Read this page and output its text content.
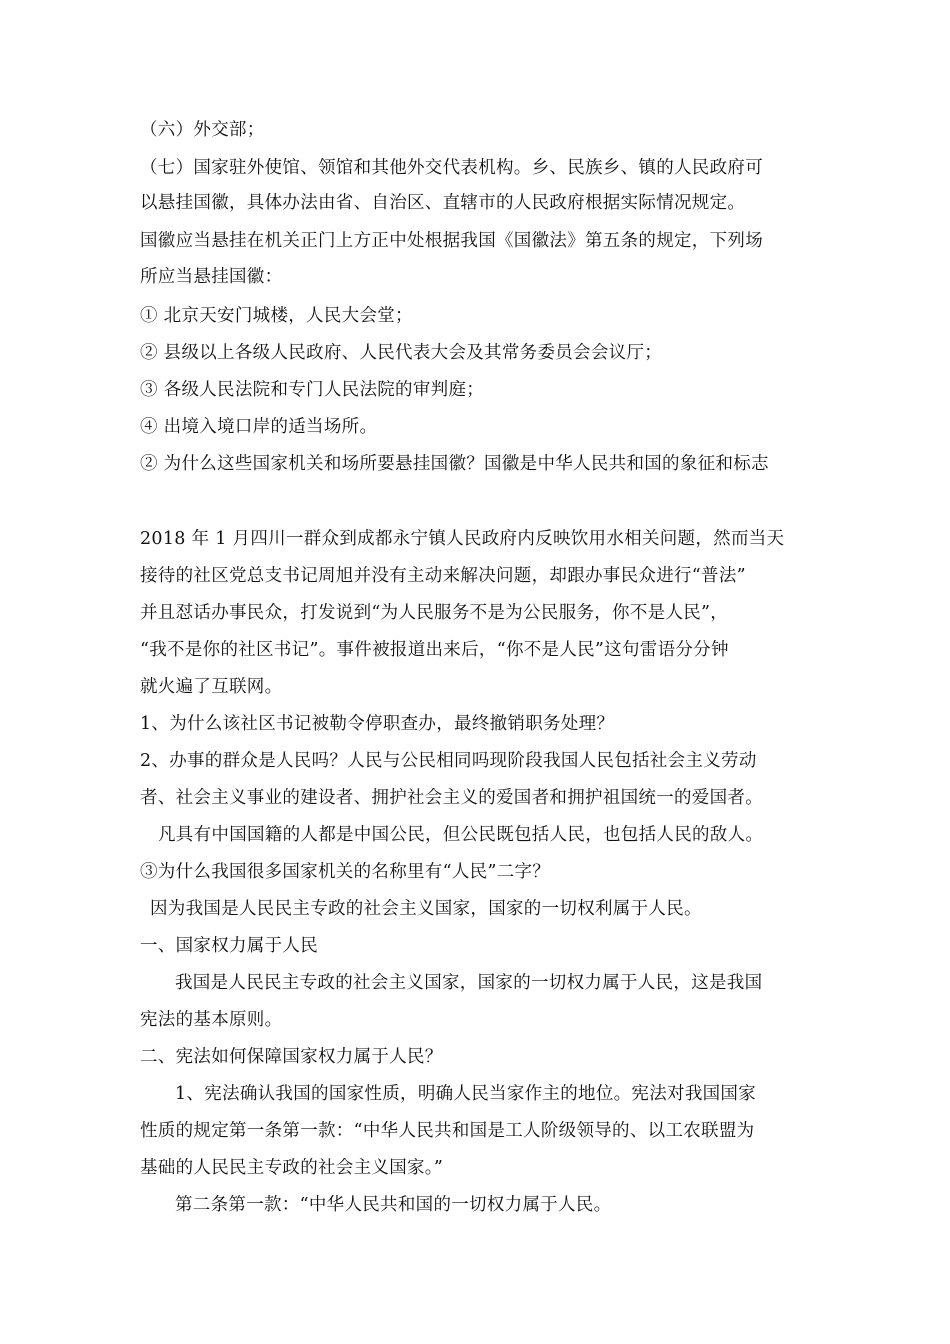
（六）外交部；
（七）国家驻外使馆、领馆和其他外交代表机构。乡、民族乡、镇的人民政府可
以悬挂国徽，具体办法由省、自治区、直辖市的人民政府根据实际情况规定。
国徽应当悬挂在机关正门上方正中处根据我国《国徽法》第五条的规定，下列场
所应当悬挂国徽：
① 北京天安门城楼，人民大会堂；
② 县级以上各级人民政府、人民代表大会及其常务委员会会议厅；
③ 各级人民法院和专门人民法院的审判庭；
④ 出境入境口岸的适当场所。
② 为什么这些国家机关和场所要悬挂国徽？国徽是中华人民共和国的象征和标志
2018 年 1 月四川一群众到成都永宁镇人民政府内反映饮用水相关问题，然而当天
接待的社区党总支书记周旭并没有主动来解决问题，却跟办事民众进行“普法”
并且怼话办事民众，打发说到“为人民服务不是为公民服务，你不是人民”，
“我不是你的社区书记”。事件被报道出来后，“你不是人民”这句雷语分分钟
就火遍了互联网。
1、为什么该社区书记被勒令停职查办，最终撤销职务处理？
2、办事的群众是人民吗？人民与公民相同吗现阶段我国人民包括社会主义劳动
者、社会主义事业的建设者、拥护社会主义的爱国者和拥护祖国统一的爱国者。
凡具有中国国籍的人都是中国公民，但公民既包括人民，也包括人民的敌人。
③为什么我国很多国家机关的名称里有“人民”二字？
因为我国是人民民主专政的社会主义国家，国家的一切权利属于人民。
一、国家权力属于人民
我国是人民民主专政的社会主义国家，国家的一切权力属于人民，这是我国
宪法的基本原则。
二、宪法如何保障国家权力属于人民？
1、宪法确认我国的国家性质，明确人民当家作主的地位。宪法对我国国家
性质的规定第一条第一款：“中华人民共和国是工人阶级领导的、以工农联盟为
基础的人民民主专政的社会主义国家。”
第二条第一款：“中华人民共和国的一切权力属于人民。
